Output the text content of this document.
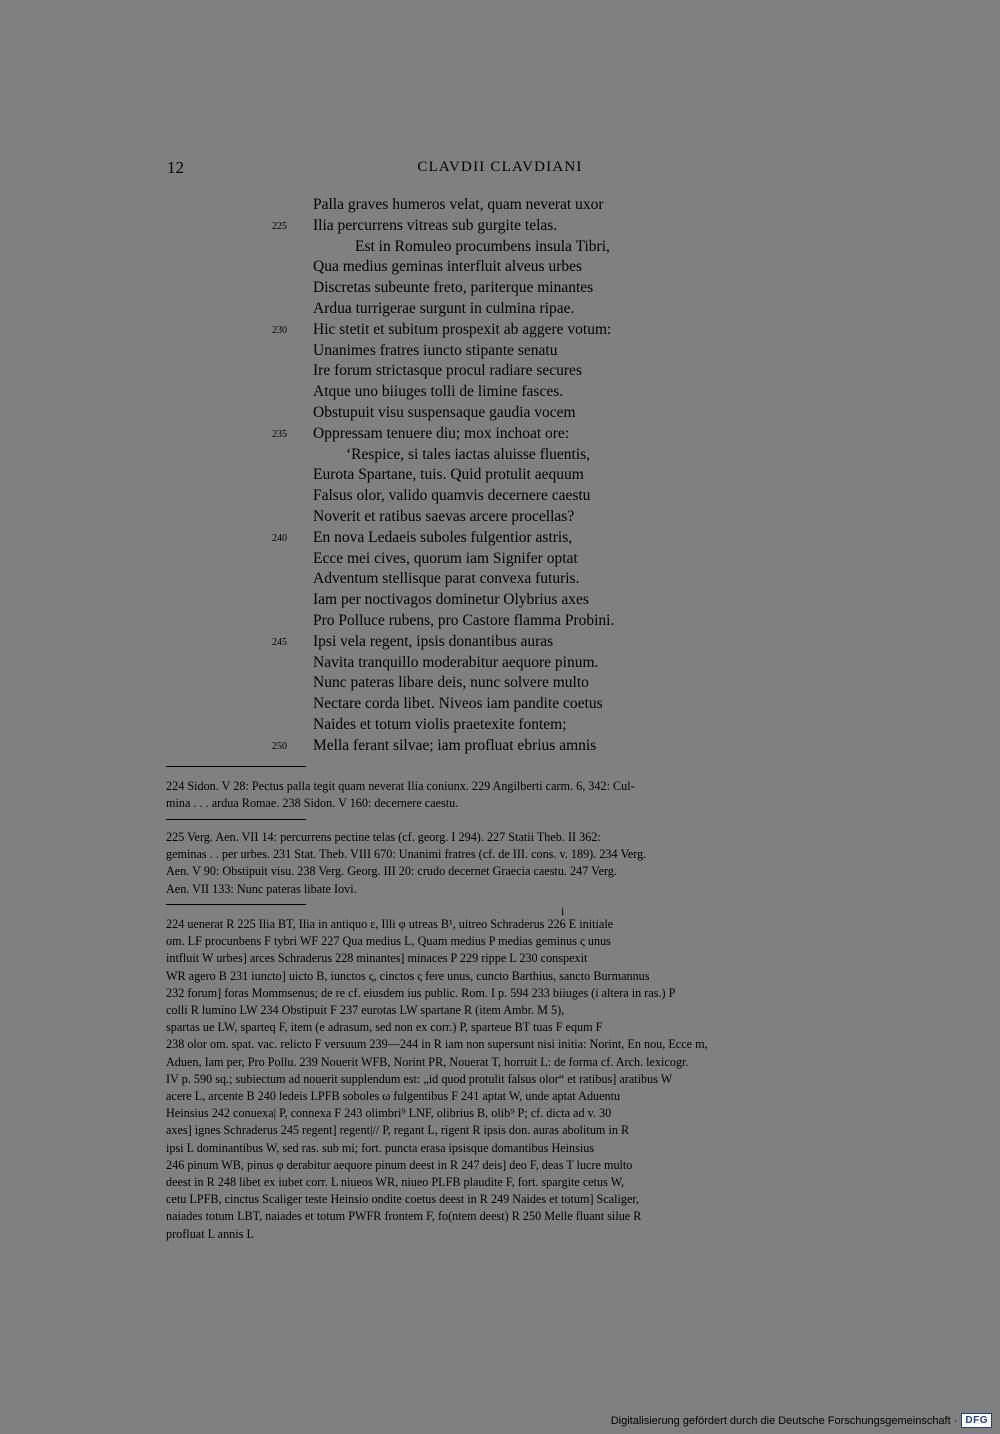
12	CLAVDII CLAVDIANI
Palla graves humeros velat, quam neverat uxor
225 Ilia percurrens vitreas sub gurgite telas.
Est in Romuleo procumbens insula Tibri,
Qua medius geminas interfluit alveus urbes
Discretas subeunte freto, pariterque minantes
Ardua turrigerae surgunt in culmina ripae.
230 Hic stetit et subitum prospexit ab aggere votum:
Unanimes fratres iuncto stipante senatu
Ire forum strictasque procul radiare secures
Atque uno biiuges tolli de limine fasces.
Obstupuit visu suspensaque gaudia vocem
235 Oppressam tenuere diu; mox inchoat ore:
‘Respice, si tales iactas aluisse fluentis,
Eurota Spartane, tuis. Quid protulit aequum
Falsus olor, valido quamvis decernere caestu
Noverit et ratibus saevas arcere procellas?
240 En nova Ledaeis suboles fulgentior astris,
Ecce mei cives, quorum iam Signifer optat
Adventum stellisque parat convexa futuris.
Iam per noctivagos dominetur Olybrius axes
Pro Polluce rubens, pro Castore flamma Probini.
245 Ipsi vela regent, ipsis donantibus auras
Navita tranquillo moderabitur aequore pinum.
Nunc pateras libare deis, nunc solvere multo
Nectare corda libet. Niveos iam pandite coetus
Naides et totum violis praetexite fontem;
250 Mella ferant silvae; iam profluat ebrius amnis
224 Sidon. V 28: Pectus palla tegit quam neverat Ilia coniunx. 229 Angilberti carm. 6, 342: Cul-
mina . . . ardua Romae. 238 Sidon. V 160: decernere caestu.
225 Verg. Aen. VII 14: percurrens pectine telas (cf. georg. I 294). 227 Statii Theb. II 362:
geminas . . per urbes. 231 Stat. Theb. VIII 670: Unanimi fratres (cf. de III. cons. v. 189). 234 Verg.
Aen. V 90: Obstipuit visu. 238 Verg. Georg. III 20: crudo decernet Graecia caestu. 247 Verg.
Aen. VII 133: Nunc pateras libate Iovi.
i
224 uenerat R 225 Ilia BT, Ilia in antiquo ε, Illi φ utreas B¹, uitreo Schraderus 226 E initiale
om. LF procunbens F tybri WF 227 Qua medius L, Quam medius P medias geminus ς unus
intfluit W urbes] arces Schraderus 228 minantes] minaces P 229 rippe L 230 conspexit
WR agero B 231 iuncto] uicto B, iunctos ς, cinctos ς fere unus, cuncto Barthius, sancto Burmannus
232 forum] foras Mommsenus; de re cf. eiusdem ius public. Rom. I p. 594 233 biiuges (i altera in ras.) P
colli R lumino LW 234 Obstipuit F 237 eurotas LW spartane R (item Ambr. M 5),
spartas ue LW, sparteq F, item (e adrasum, sed non ex corr.) P, sparteue BT tuas F equm F
238 olor om. spat. vac. relicto F versuum 239—244 in R iam non supersunt nisi initia: Norint, En nou, Ecce m,
Aduen, Iam per, Pro Pollu. 239 Nouerit WFB, Norint PR, Nouerat T, horruit L: de forma cf. Arch. lexicogr.
IV p. 590 sq.; subiectum ad nouerit supplendum est: „id quod protulit falsus olor“ et ratibus] aratibus W
acere L, arcente B 240 ledeis LPFB soboles ω fulgentibus F 241 aptat W, unde aptat Aduentu
Heinsius 242 conuexa| P, connexa F 243 olimbri⁹ LNF, olibrius B, olib⁹ P; cf. dicta ad v. 30
axes] ignes Schraderus 245 regent] regent|// P, regant L, rigent R ipsis don. auras abolitum in R
ipsi L dominantibus W, sed ras. sub mi; fort. puncta erasa ipsisque domantibus Heinsius
246 pinum WB, pinus φ derabitur aequore pinum deest in R 247 deis] deo F, deas T lucre multo
deest in R 248 libet ex iubet corr. L niueos WR, niueo PLFB plaudite F, fort. spargite cetus W,
cetu LPFB, cinctus Scaliger teste Heinsio ondite coetus deest in R 249 Naides et totum] Scaliger,
naiades totum LBT, naiades et totum PWFR frontem F, fo(ntem deest) R 250 Melle fluant silue R
profluat L annis L
Digitalisierung gefördert durch die Deutsche Forschungsgemeinschaft · DFG
